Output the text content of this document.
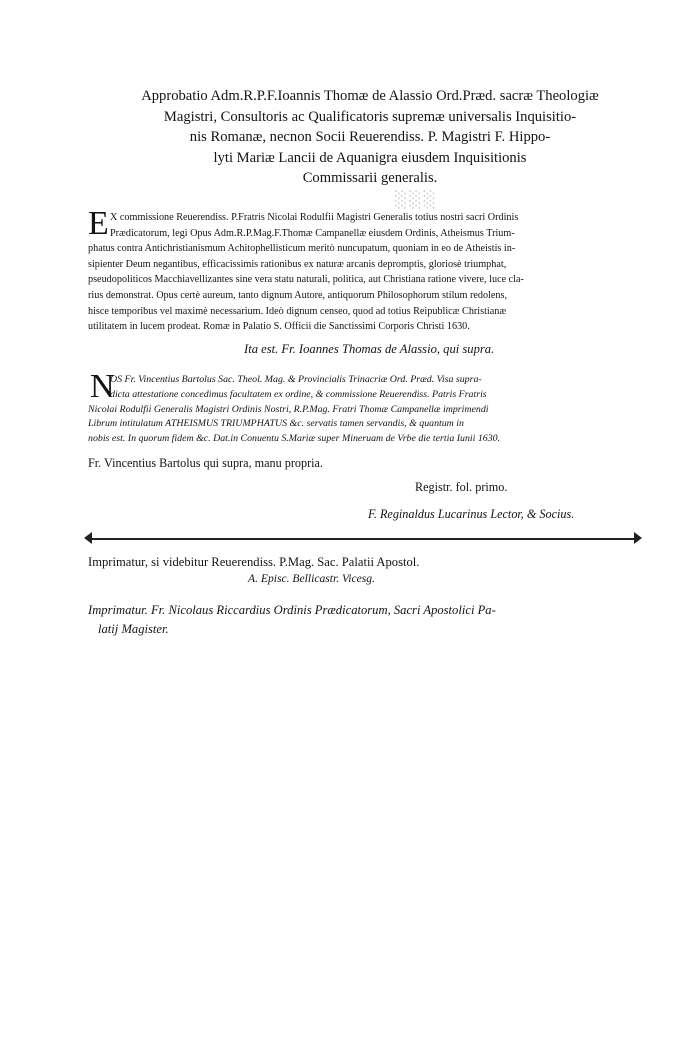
░░░
Approbatio Adm.R.P.F.Ioannis Thomæ de Alassio Ord.Præd. sacræ Theologiæ
Magistri, Consultoris ac Qualificatoris supremæ universalis Inquisitio-
nis Romanæ, necnon Socii Reuerendiss. P. Magistri F. Hippo-
lyti Mariæ Lancii de Aquanigra eiusdem Inquisitionis
Commissarii generalis.
E X commissione Reuerendiss. P.Fratris Nicolai Rodulfii Magistri Generalis totius nostri sacri Ordinis
Prædicatorum, legi Opus Adm.R.P.Mag.F.Thomæ Campanellæ eiusdem Ordinis, Atheismus Trium-
phatus contra Antichristianismum Achitophellisticum meritò nuncupatum, quoniam in eo de Atheistis in-
sipienter Deum negantibus, efficacissimis rationibus ex naturæ arcanis depromptis, gloriosè triumphat,
pseudopoliticos Macchiavellizantes sine vera statu naturali, politica, aut Christiana ratione vivere, luce cla-
rius demonstrat. Opus certè aureum, tanto dignum Autore, antiquorum Philosophorum stilum redolens,
hisce temporibus vel maximè necessarium. Ideò dignum censeo, quod ad totius Reipublicæ Christianæ
utilitatem in lucem prodeat. Romæ in Palatio S. Officii die Sanctissimi Corporis Christi 1630.
Ita est. Fr. Ioannes Thomas de Alassio, qui supra.
N
OS Fr. Vincentius Bartolus Sac. Theol. Mag. & Provincialis Trinacriæ Ord. Præd. Visa supra-
dicta attestatione concedimus facultatem ex ordine, & commissione Reuerendiss. Patris Fratris
Nicolai Rodulfii Generalis Magistri Ordinis Nostri, R.P.Mag. Fratri Thomæ Campanellæ imprimendi
Librum intitulatum ATHEISMUS TRIUMPHATUS &c. servatis tamen servandis, & quantum in
nobis est. In quorum fidem &c. Dat.in Conuentu S.Mariæ super Mineruam de Vrbe die tertia Iunii 1630.
Fr. Vincentius Bartolus qui supra, manu propria.
Registr. fol. primo.
F. Reginaldus Lucarinus Lector, & Socius.
Imprimatur, si videbitur Reuerendiss. P.Mag. Sac. Palatii Apostol.
A. Episc. Bellicastr. Vicesg.
Imprimatur. Fr. Nicolaus Riccardius Ordinis Prædicatorum, Sacri Apostolici Pa-
latij Magister.
